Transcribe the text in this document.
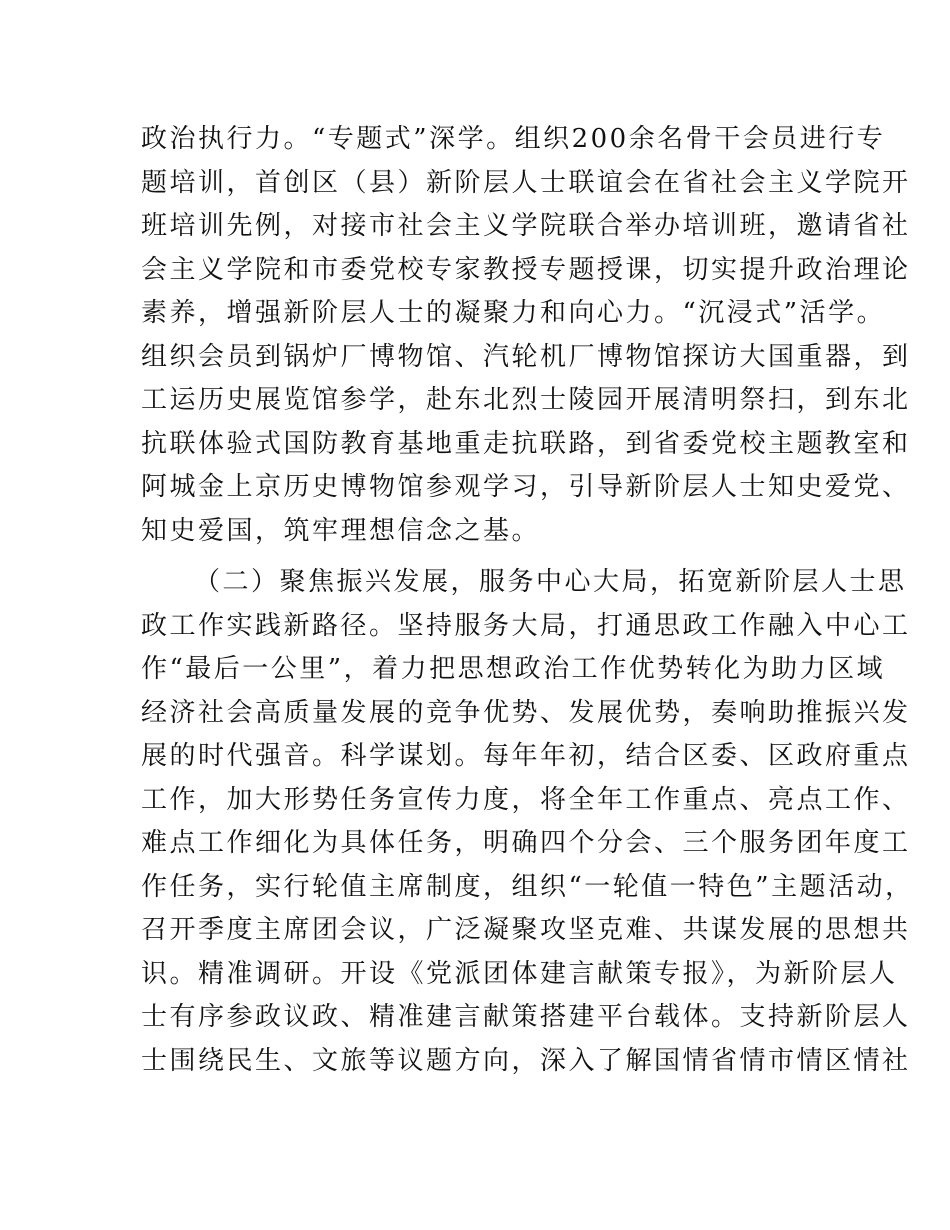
政治执行力。“专题式”深学。组织200余名骨干会员进行专
题培训，首创区（县）新阶层人士联谊会在省社会主义学院开
班培训先例，对接市社会主义学院联合举办培训班，邀请省社
会主义学院和市委党校专家教授专题授课，切实提升政治理论
素养，增强新阶层人士的凝聚力和向心力。“沉浸式”活学。
组织会员到锅炉厂博物馆、汽轮机厂博物馆探访大国重器，到
工运历史展览馆参学，赴东北烈士陵园开展清明祭扫，到东北
抗联体验式国防教育基地重走抗联路，到省委党校主题教室和
阿城金上京历史博物馆参观学习，引导新阶层人士知史爱党、
知史爱国，筑牢理想信念之基。
（二）聚焦振兴发展，服务中心大局，拓宽新阶层人士思
政工作实践新路径。坚持服务大局，打通思政工作融入中心工
作“最后一公里”，着力把思想政治工作优势转化为助力区域
经济社会高质量发展的竞争优势、发展优势，奏响助推振兴发
展的时代强音。科学谋划。每年年初，结合区委、区政府重点
工作，加大形势任务宣传力度，将全年工作重点、亮点工作、
难点工作细化为具体任务，明确四个分会、三个服务团年度工
作任务，实行轮值主席制度，组织“一轮值一特色”主题活动，
召开季度主席团会议，广泛凝聚攻坚克难、共谋发展的思想共
识。精准调研。开设《党派团体建言献策专报》，为新阶层人
士有序参政议政、精准建言献策搭建平台载体。支持新阶层人
士围绕民生、文旅等议题方向，深入了解国情省情市情区情社
